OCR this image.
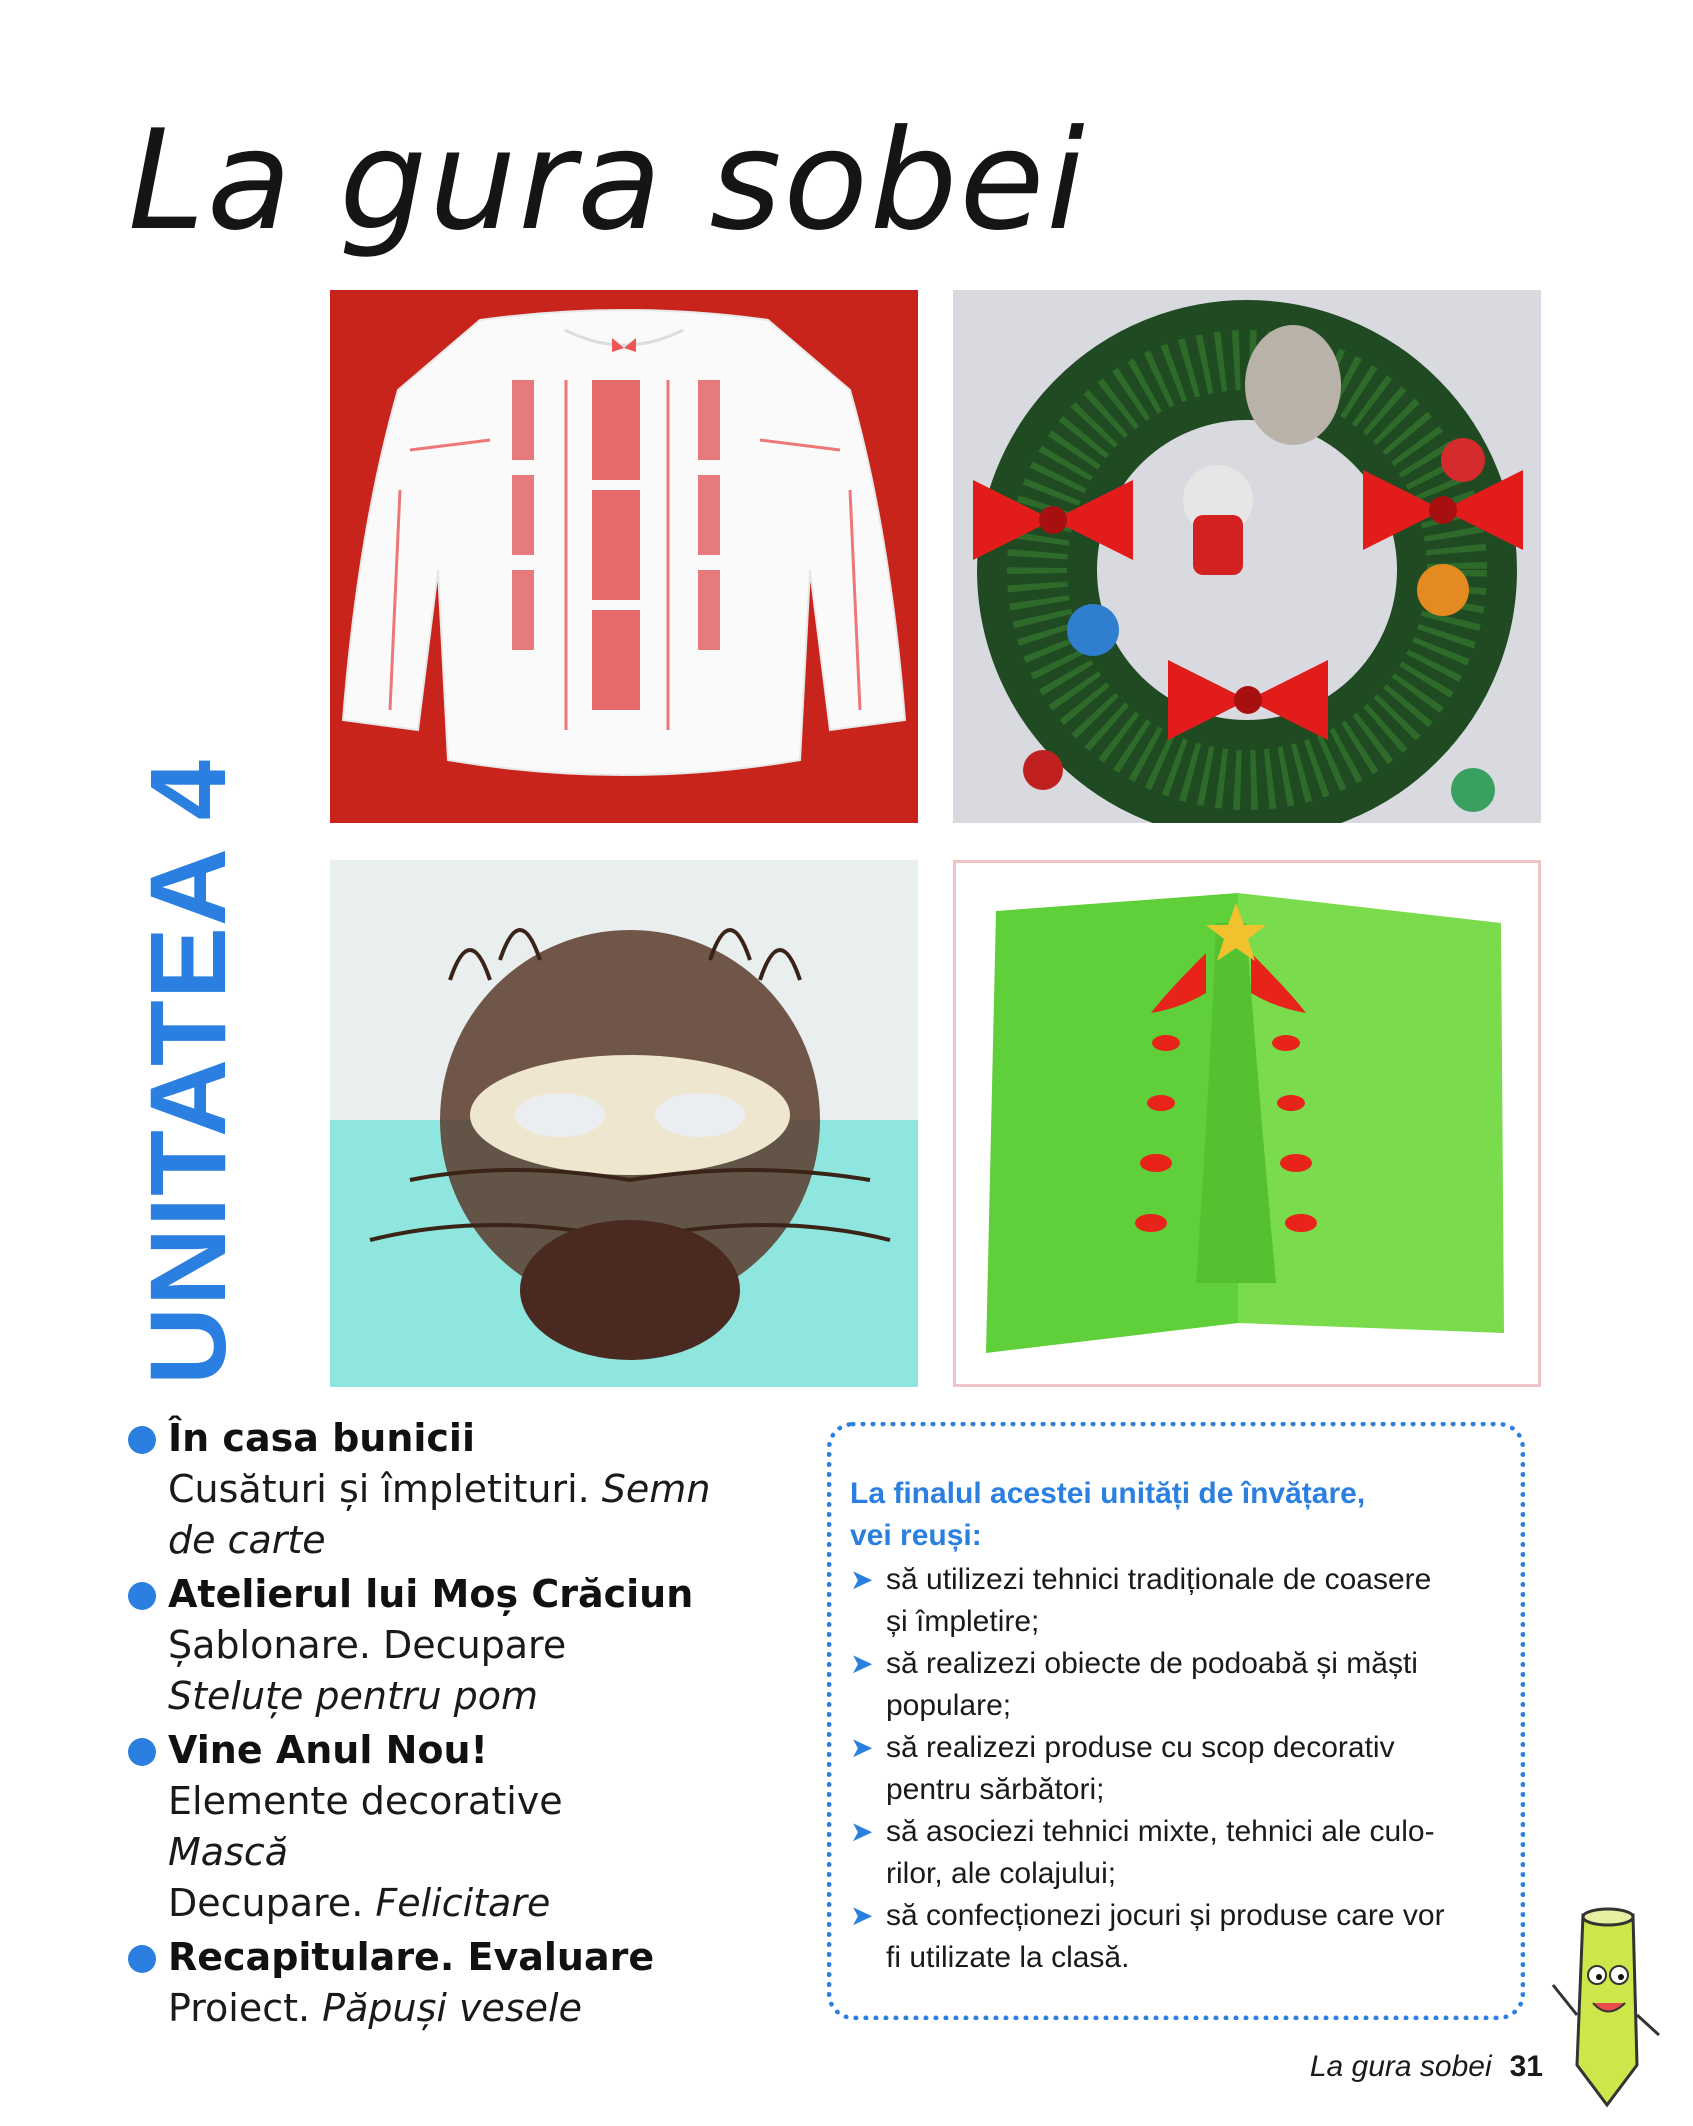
La gura sobei
UNITATEA 4
În casa bunicii
Cusături și împletituri. Semn
de carte
Atelierul lui Moș Crăciun
Șablonare. Decupare
Steluțe pentru pom
Vine Anul Nou!
Elemente decorative
Mască
Decupare. Felicitare
Recapitulare. Evaluare
Proiect. Păpuși vesele
La finalul acestei unități de învățare,
vei reuși:
➤ să utilizezi tehnici tradiționale de coasere
și împletire;
➤ să realizezi obiecte de podoabă și măști
populare;
➤ să realizezi produse cu scop decorativ
pentru sărbători;
➤ să asociezi tehnici mixte, tehnici ale culo-
rilor, ale colajului;
➤ să confecționezi jocuri și produse care vor
fi utilizate la clasă.
La gura sobei 31
